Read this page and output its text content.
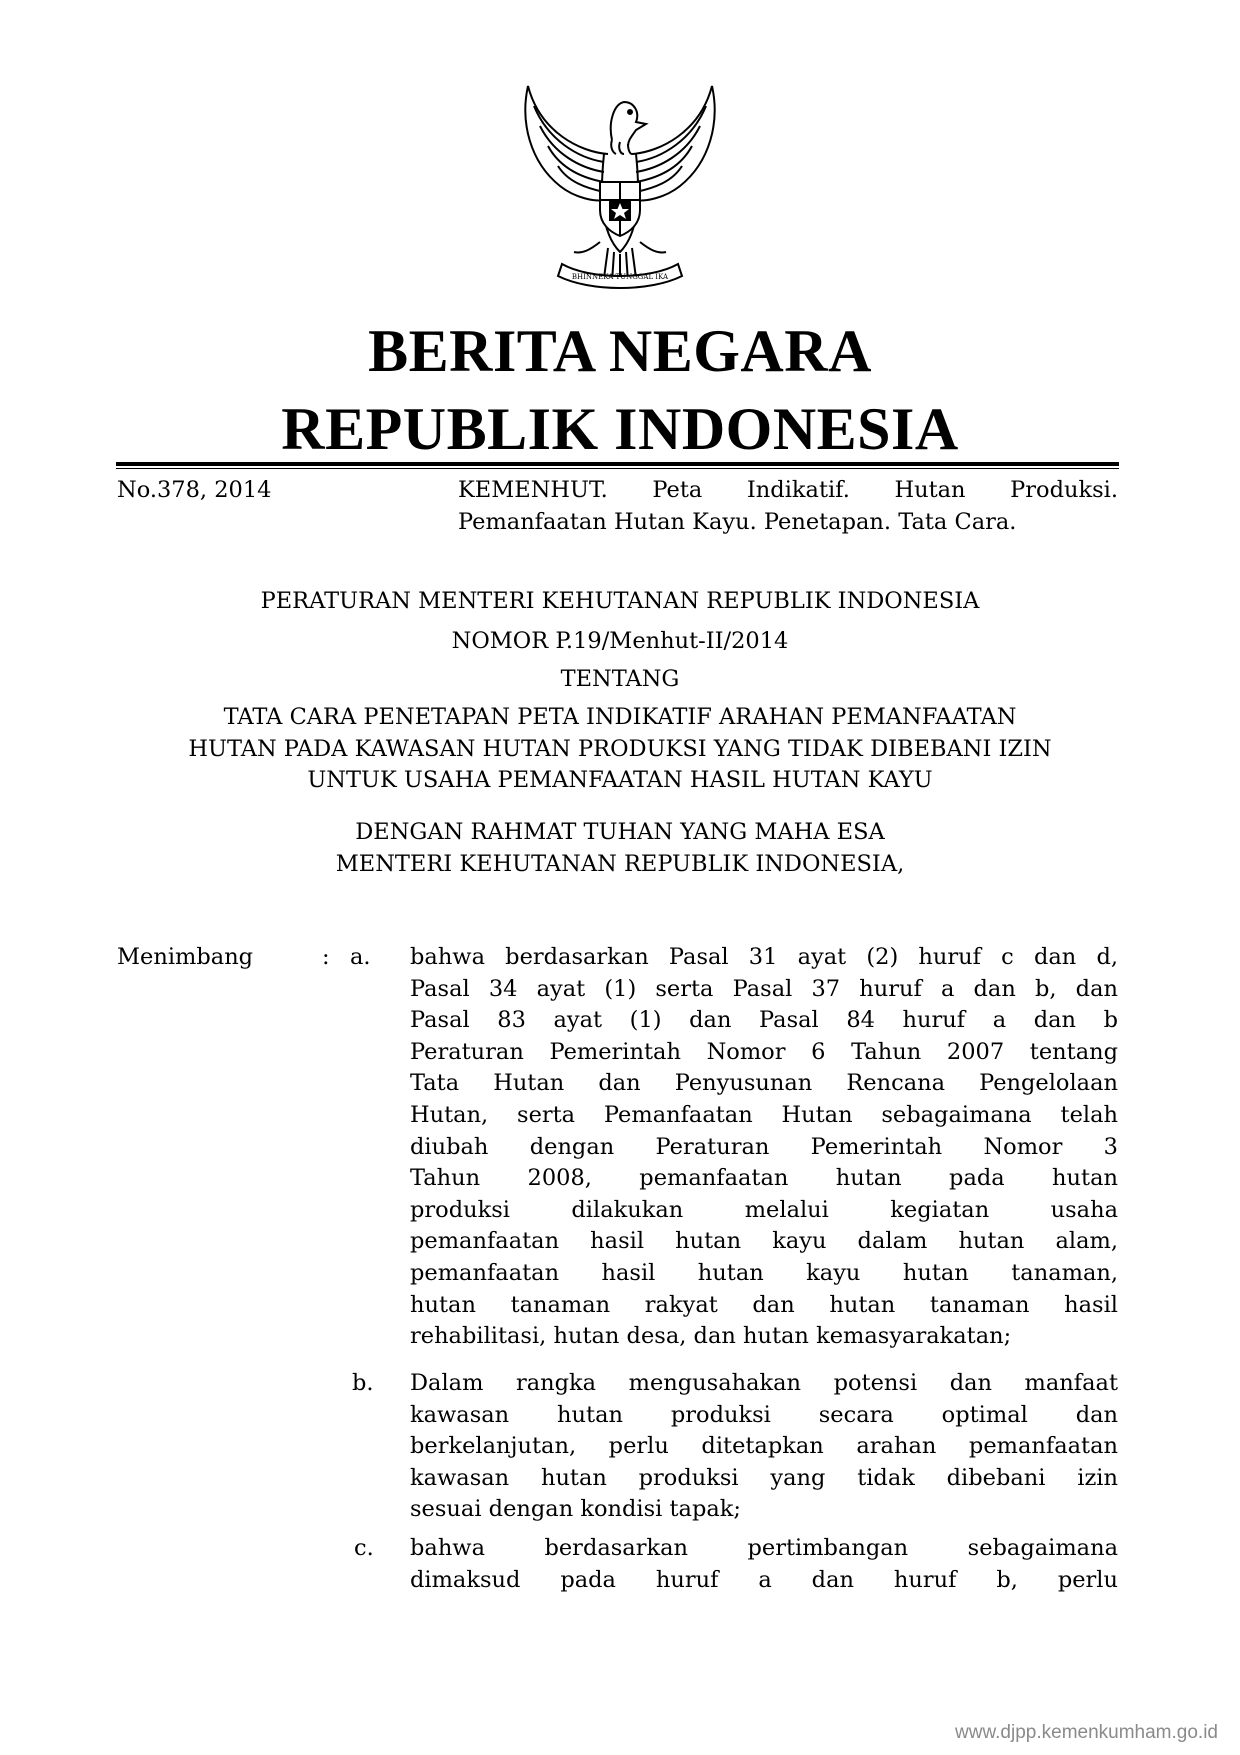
BHINNEKA TUNGGAL IKA
BERITA NEGARA
REPUBLIK INDONESIA
No.378, 2014	KEMENHUT. Peta Indikatif. Hutan Produksi.
Pemanfaatan Hutan Kayu. Penetapan. Tata Cara.
PERATURAN MENTERI KEHUTANAN REPUBLIK INDONESIA
NOMOR P.19/Menhut-II/2014
TENTANG
TATA CARA PENETAPAN PETA INDIKATIF ARAHAN PEMANFAATAN
HUTAN PADA KAWASAN HUTAN PRODUKSI YANG TIDAK DIBEBANI IZIN
UNTUK USAHA PEMANFAATAN HASIL HUTAN KAYU
DENGAN RAHMAT TUHAN YANG MAHA ESA
MENTERI KEHUTANAN REPUBLIK INDONESIA,
Menimbang	: a. bahwa berdasarkan Pasal 31 ayat (2) huruf c dan d,
Pasal 34 ayat (1) serta Pasal 37 huruf a dan b, dan
Pasal 83 ayat (1) dan Pasal 84 huruf a dan b
Peraturan Pemerintah Nomor 6 Tahun 2007 tentang
Tata Hutan dan Penyusunan Rencana Pengelolaan
Hutan, serta Pemanfaatan Hutan sebagaimana telah
diubah dengan Peraturan Pemerintah Nomor 3
Tahun 2008, pemanfaatan hutan pada hutan
produksi dilakukan melalui kegiatan usaha
pemanfaatan hasil hutan kayu dalam hutan alam,
pemanfaatan hasil hutan kayu hutan tanaman,
hutan tanaman rakyat dan hutan tanaman hasil
rehabilitasi, hutan desa, dan hutan kemasyarakatan;
b. Dalam rangka mengusahakan potensi dan manfaat
kawasan hutan produksi secara optimal dan
berkelanjutan, perlu ditetapkan arahan pemanfaatan
kawasan hutan produksi yang tidak dibebani izin
sesuai dengan kondisi tapak;
c. bahwa berdasarkan pertimbangan sebagaimana
dimaksud pada huruf a dan huruf b, perlu
www.djpp.kemenkumham.go.id
